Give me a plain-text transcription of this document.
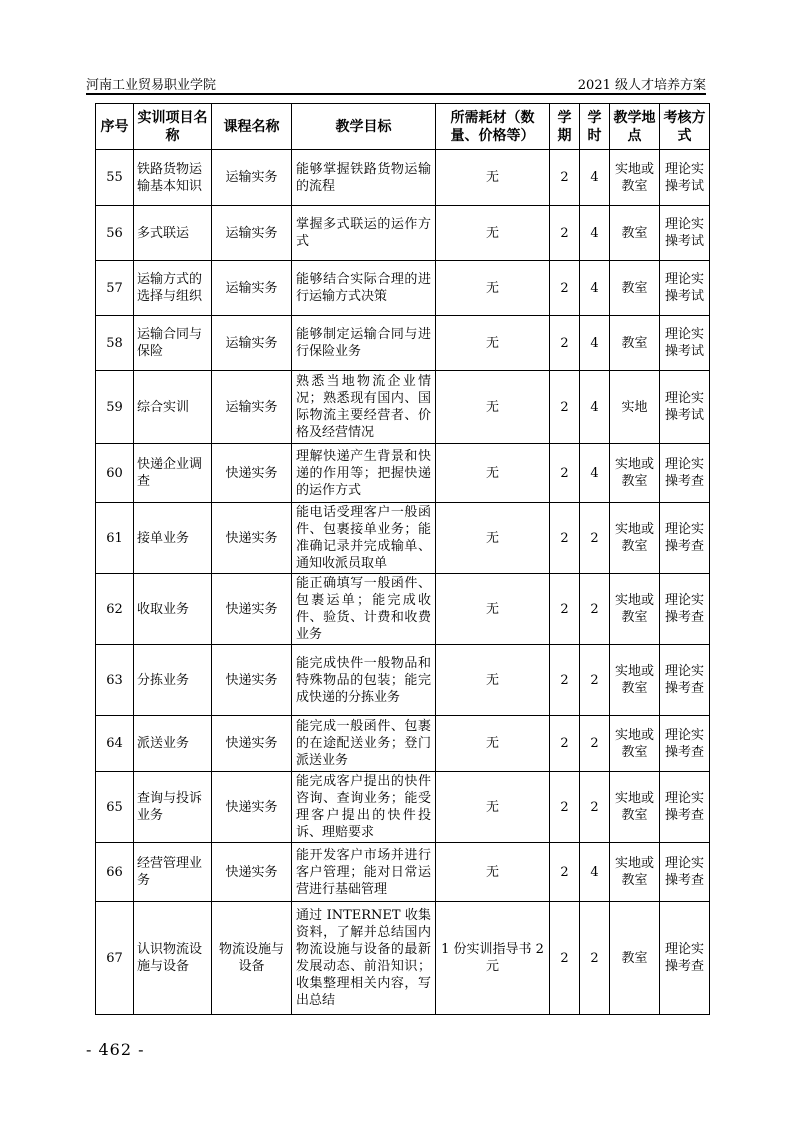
河南工业贸易职业学院	2021 级人才培养方案
序号	实训项目名称	课程名称	教学目标	所需耗材（数量、价格等）	学期	学时	教学地点	考核方式
55	铁路货物运输基本知识	运输实务	能够掌握铁路货物运输的流程	无	2	4	实地或教室	理论实操考试
56	多式联运	运输实务	掌握多式联运的运作方式	无	2	4	教室	理论实操考试
57	运输方式的选择与组织	运输实务	能够结合实际合理的进行运输方式决策	无	2	4	教室	理论实操考试
58	运输合同与保险	运输实务	能够制定运输合同与进行保险业务	无	2	4	教室	理论实操考试
59	综合实训	运输实务	熟悉当地物流企业情况；熟悉现有国内、国际物流主要经营者、价格及经营情况	无	2	4	实地	理论实操考试
60	快递企业调查	快递实务	理解快递产生背景和快递的作用等；把握快递的运作方式	无	2	4	实地或教室	理论实操考查
61	接单业务	快递实务	能电话受理客户一般函件、包裹接单业务；能准确记录并完成输单、通知收派员取单	无	2	2	实地或教室	理论实操考查
62	收取业务	快递实务	能正确填写一般函件、包裹运单；能完成收件、验货、计费和收费业务	无	2	2	实地或教室	理论实操考查
63	分拣业务	快递实务	能完成快件一般物品和特殊物品的包装；能完成快递的分拣业务	无	2	2	实地或教室	理论实操考查
64	派送业务	快递实务	能完成一般函件、包裹的在途配送业务；登门派送业务	无	2	2	实地或教室	理论实操考查
65	查询与投诉业务	快递实务	能完成客户提出的快件咨询、查询业务；能受理客户提出的快件投诉、理赔要求	无	2	2	实地或教室	理论实操考查
66	经营管理业务	快递实务	能开发客户市场并进行客户管理；能对日常运营进行基础管理	无	2	4	实地或教室	理论实操考查
67	认识物流设施与设备	物流设施与设备	通过 INTERNET 收集资料，了解并总结国内物流设施与设备的最新发展动态、前沿知识；收集整理相关内容，写出总结	1 份实训指导书 2 元	2	2	教室	理论实操考查
- 462 -
